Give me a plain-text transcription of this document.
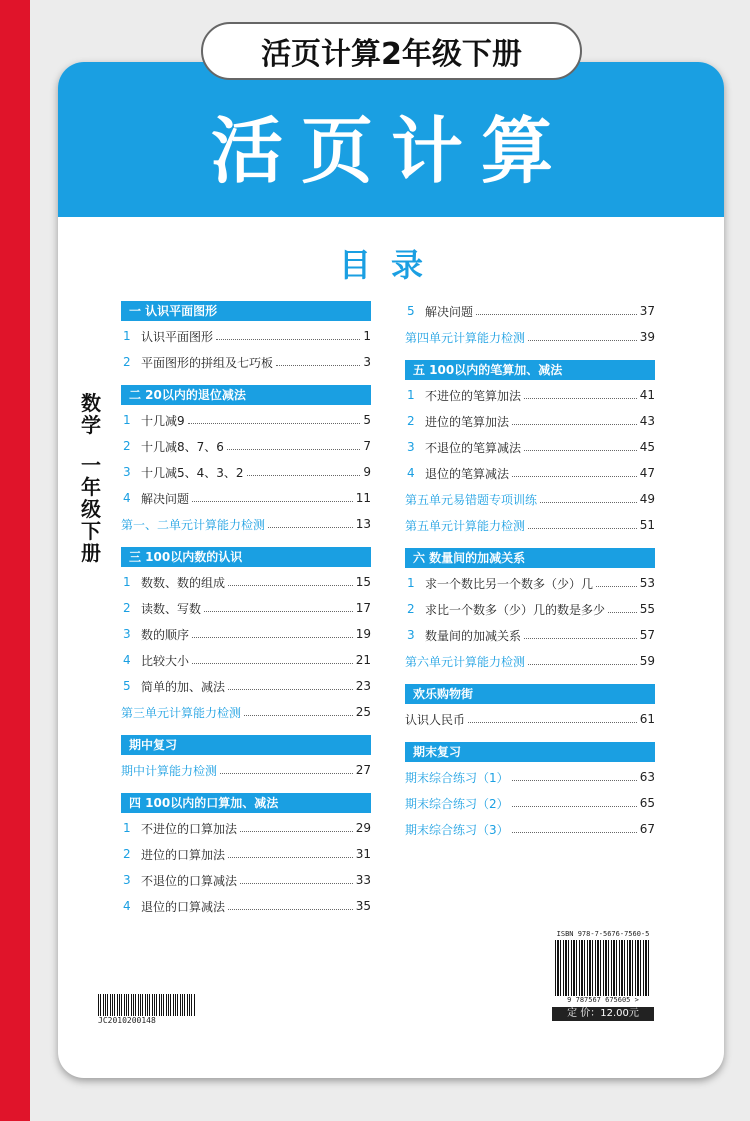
活页计算2年级下册
活页计算
目录
数
学
一
年
级
下
册
一 认识平面图形
1 认识平面图形	1
2 平面图形的拼组及七巧板	3
二 20以内的退位减法
1 十几减9	5
2 十几减8、7、6	7
3 十几减5、4、3、2	9
4 解决问题	11
第一、二单元计算能力检测	13
三 100以内数的认识
1 数数、数的组成	15
2 读数、写数	17
3 数的顺序	19
4 比较大小	21
5 简单的加、减法	23
第三单元计算能力检测	25
期中复习
期中计算能力检测	27
四 100以内的口算加、减法
1 不进位的口算加法	29
2 进位的口算加法	31
3 不退位的口算减法	33
4 退位的口算减法	35
5 解决问题	37
第四单元计算能力检测	39
五 100以内的笔算加、减法
1 不进位的笔算加法	41
2 进位的笔算加法	43
3 不退位的笔算减法	45
4 退位的笔算减法	47
第五单元易错题专项训练	49
第五单元计算能力检测	51
六 数量间的加减关系
1 求一个数比另一个数多（少）几	53
2 求比一个数多（少）几的数是多少	55
3 数量间的加减关系	57
第六单元计算能力检测	59
欢乐购物街
认识人民币	61
期末复习
期末综合练习（1）	63
期末综合练习（2）	65
期末综合练习（3）	67
JC2010200148
ISBN 978-7-5676-7560-5
9 787567 675605 >
定 价：12.00元
